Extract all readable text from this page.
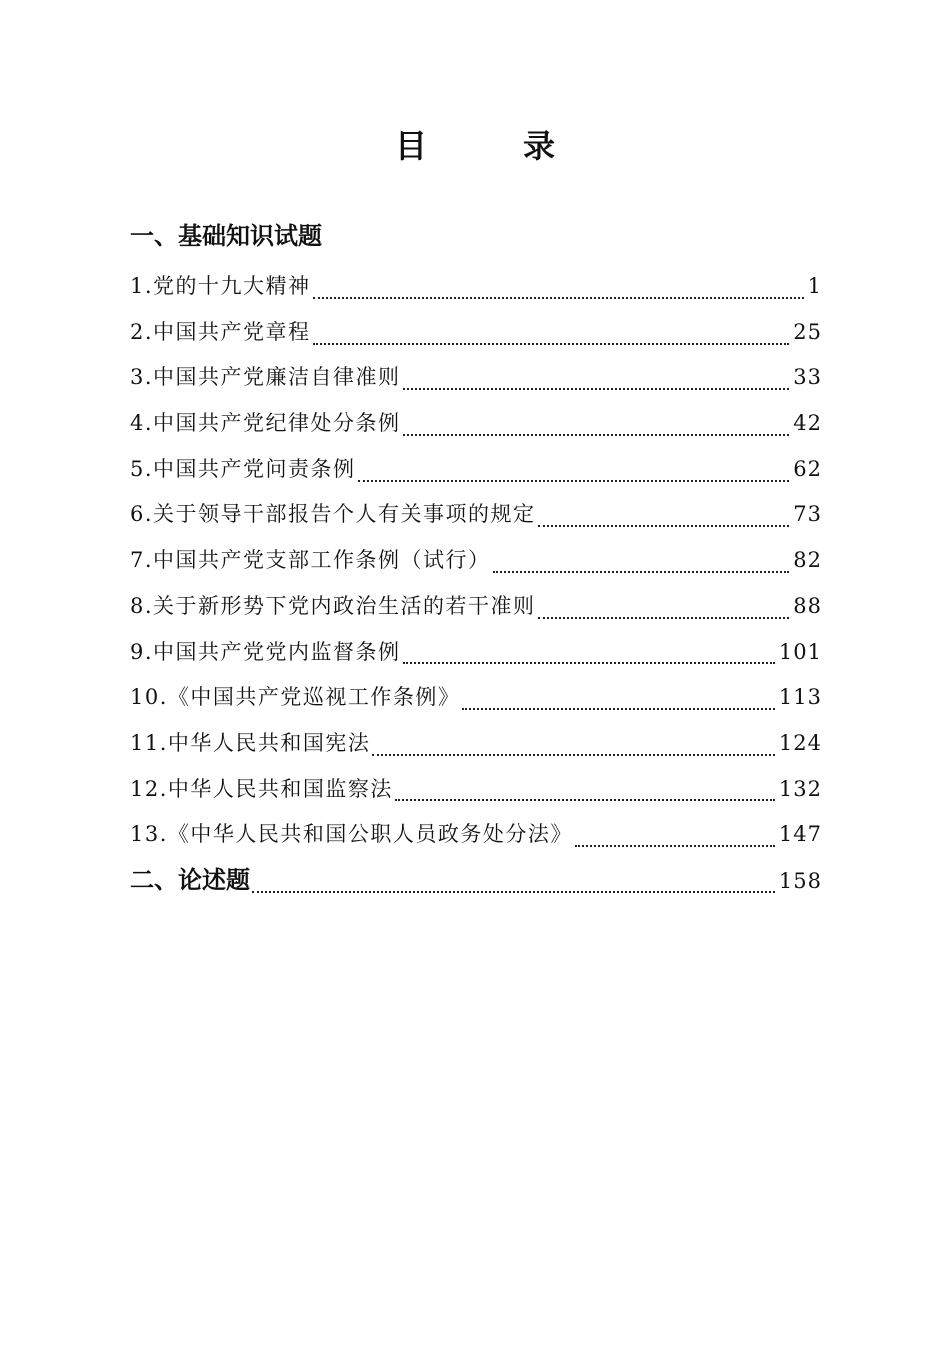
目　录
一、基础知识试题
1.党的十九大精神	1
2.中国共产党章程	25
3.中国共产党廉洁自律准则	33
4.中国共产党纪律处分条例	42
5.中国共产党问责条例	62
6.关于领导干部报告个人有关事项的规定	73
7.中国共产党支部工作条例（试行）	82
8.关于新形势下党内政治生活的若干准则	88
9.中国共产党党内监督条例	101
10.《中国共产党巡视工作条例》	113
11.中华人民共和国宪法	124
12.中华人民共和国监察法	132
13.《中华人民共和国公职人员政务处分法》	147
二、论述题	158
